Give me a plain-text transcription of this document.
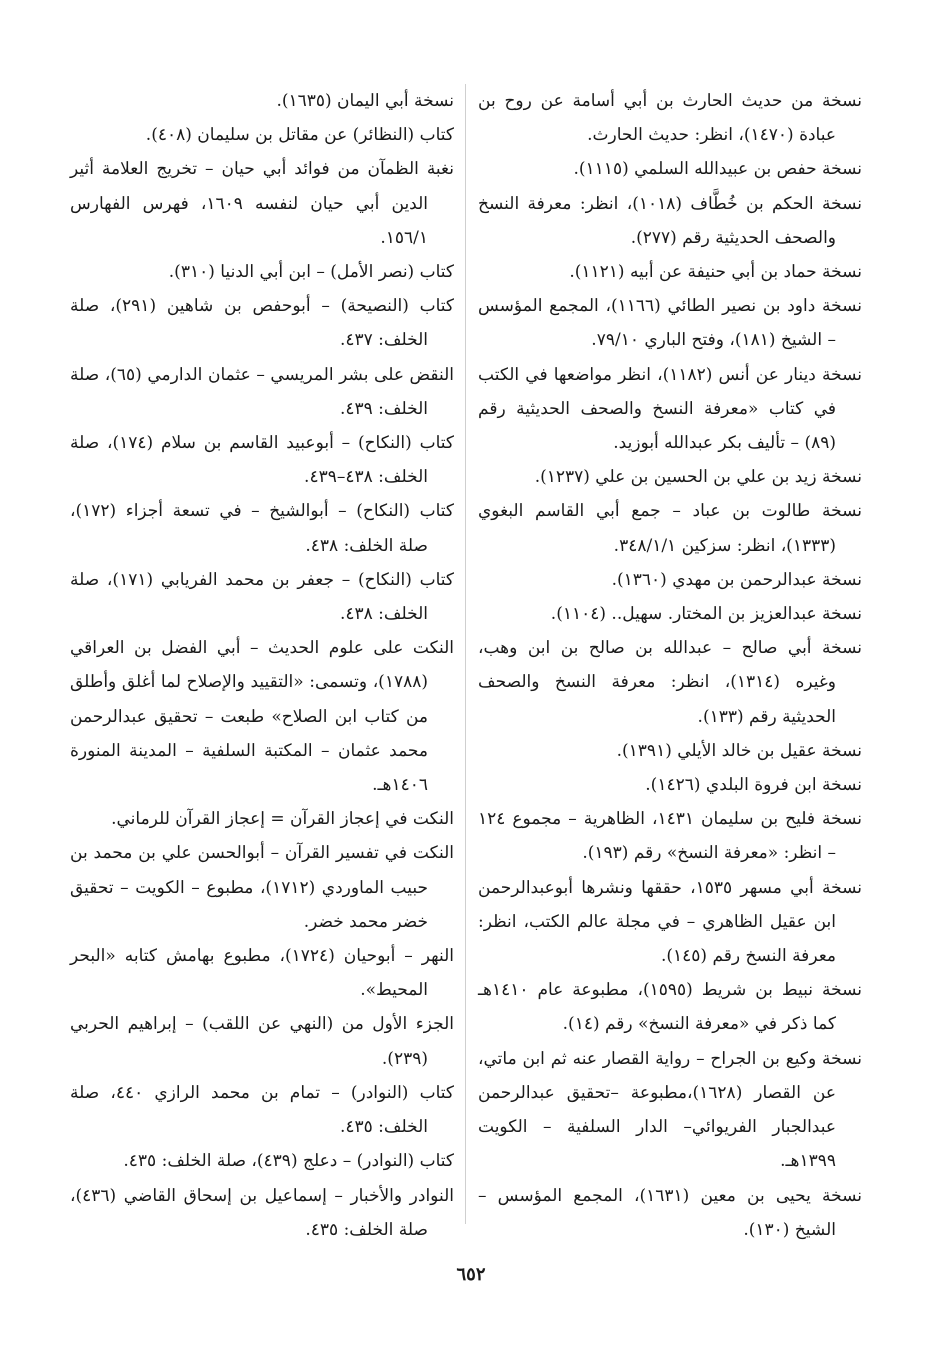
نسخة من حديث الحارث بن أبي أسامة عن روح بن عبادة (١٤٧٠)، انظر: حديث الحارث.
نسخة حفص بن عبيدالله السلمي (١١١٥).
نسخة الحكم بن خُطَّاف (١٠١٨)، انظر: معرفة النسخ والصحف الحديثية رقم (٢٧٧).
نسخة حماد بن أبي حنيفة عن أبيه (١١٢١).
نسخة داود بن نصير الطائي (١١٦٦)، المجمع المؤسس – الشيخ (١٨١)، وفتح الباري ٧٩/١٠.
نسخة دينار عن أنس (١١٨٢)، انظر مواضعها في الكتب في كتاب «معرفة النسخ والصحف الحديثية رقم (٨٩) – تأليف بكر عبدالله أبوزيد.
نسخة زيد بن علي بن الحسين بن علي (١٢٣٧).
نسخة طالوت بن عباد – جمع أبي القاسم البغوي (١٣٣٣)، انظر: سزكين ٣٤٨/١/١.
نسخة عبدالرحمن بن مهدي (١٣٦٠).
نسخة عبدالعزيز بن المختار. سهيل.. (١١٠٤).
نسخة أبي صالح – عبدالله بن صالح بن ابن وهب، وغيره (١٣١٤)، انظر: معرفة النسخ والصحف الحديثية رقم (١٣٣).
نسخة عقيل بن خالد الأيلي (١٣٩١).
نسخة ابن فروة البلدي (١٤٢٦).
نسخة فليح بن سليمان ١٤٣١، الظاهرية – مجموع ١٢٤ – انظر: «معرفة النسخ» رقم (١٩٣).
نسخة أبي مسهر ١٥٣٥، حققها ونشرها أبوعبدالرحمن ابن عقيل الظاهري – في مجلة عالم الكتب، انظر: معرفة النسخ رقم (١٤٥).
نسخة نبيط بن شريط (١٥٩٥)، مطبوعة عام ١٤١٠هـ كما ذكر في «معرفة النسخ» رقم (١٤).
نسخة وكيع بن الجراح – رواية القصار عنه ثم ابن ماتي، عن القصار (١٦٢٨)،مطبوعة –تحقيق عبدالرحمن عبدالجبار الفريوائي– الدار السلفية – الكويت ١٣٩٩هـ.
نسخة يحيى بن معين (١٦٣١)، المجمع المؤسس – الشيخ (١٣٠).
نسخة أبي اليمان (١٦٣٥).
كتاب (النظائر) عن مقاتل بن سليمان (٤٠٨).
نغبة الظمآن من فوائد أبي حيان – تخريج العلامة أثير الدين أبي حيان لنفسه ١٦٠٩، فهرس الفهارس ١٥٦/١.
كتاب (نصر الأمل) – ابن أبي الدنيا (٣١٠).
كتاب (النصيحة) – أبوحفص بن شاهين (٢٩١)، صلة الخلف: ٤٣٧.
النقض على بشر المريسي – عثمان الدارمي (٦٥)، صلة الخلف: ٤٣٩.
كتاب (النكاح) – أبوعبيد القاسم بن سلام (١٧٤)، صلة الخلف: ٤٣٨–٤٣٩.
كتاب (النكاح) – أبوالشيخ – في تسعة أجزاء (١٧٢)، صلة الخلف: ٤٣٨.
كتاب (النكاح) – جعفر بن محمد الفريابي (١٧١)، صلة الخلف: ٤٣٨.
النكت على علوم الحديث – أبي الفضل بن العراقي (١٧٨٨)، وتسمى: «التقييد والإصلاح لما أغلق وأطلق من كتاب ابن الصلاح» طبعت – تحقيق عبدالرحمن محمد عثمان – المكتبة السلفية – المدينة المنورة ١٤٠٦هـ.
النكت في إعجاز القرآن = إعجاز القرآن للرماني.
النكت في تفسير القرآن – أبوالحسن علي بن محمد بن حبيب الماوردي (١٧١٢)، مطبوع – الكويت – تحقيق خضر محمد خضر.
النهر – أبوحيان (١٧٢٤)، مطبوع بهامش كتابه «البحر المحيط».
الجزء الأول من (النهي عن اللقب) – إبراهيم الحربي (٢٣٩).
كتاب (النوادر) – تمام بن محمد الرازي ٤٤٠، صلة الخلف: ٤٣٥.
كتاب (النوادر) – دعلج (٤٣٩)، صلة الخلف: ٤٣٥.
النوادر والأخبار – إسماعيل بن إسحاق القاضي (٤٣٦)، صلة الخلف: ٤٣٥.
٦٥٢
